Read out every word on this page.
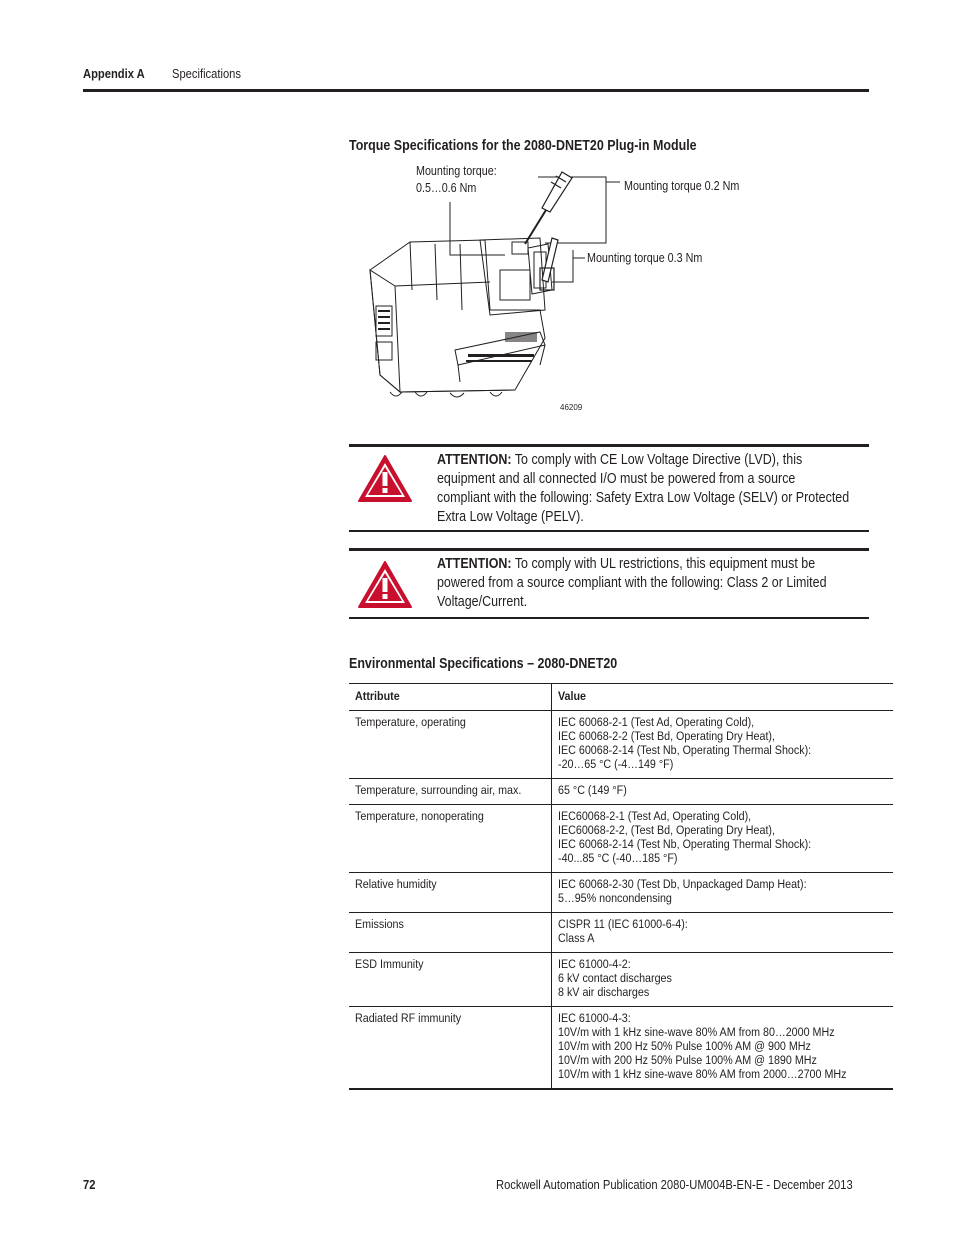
Appendix A Specifications
Torque Specifications for the 2080-DNET20 Plug-in Module
46209
Mounting torque:
0.5…0.6 Nm	Mounting torque 0.2 Nm
Mounting torque 0.3 Nm
ATTENTION: To comply with CE Low Voltage Directive (LVD), this equipment and all connected I/O must be powered from a source compliant with the following: Safety Extra Low Voltage (SELV) or Protected Extra Low Voltage (PELV).
ATTENTION: To comply with UL restrictions, this equipment must be powered from a source compliant with the following: Class 2 or Limited Voltage/Current.
Environmental Specifications – 2080-DNET20
Attribute	Value

Temperature, operating	IEC 60068-2-1 (Test Ad, Operating Cold),
IEC 60068-2-2 (Test Bd, Operating Dry Heat),
IEC 60068-2-14 (Test Nb, Operating Thermal Shock):
-20…65 °C (-4…149 °F)

Temperature, surrounding air, max.	65 °C (149 °F)

Temperature, nonoperating	IEC60068-2-1 (Test Ad, Operating Cold),
IEC60068-2-2, (Test Bd, Operating Dry Heat),
IEC 60068-2-14 (Test Nb, Operating Thermal Shock):
-40...85 °C (-40…185 °F)

Relative humidity	IEC 60068-2-30 (Test Db, Unpackaged Damp Heat):
5…95% noncondensing

Emissions	CISPR 11 (IEC 61000-6-4):
Class A

ESD Immunity	IEC 61000-4-2:
6 kV contact discharges
8 kV air discharges

Radiated RF immunity	IEC 61000-4-3:
10V/m with 1 kHz sine-wave 80% AM from 80…2000 MHz
10V/m with 200 Hz 50% Pulse 100% AM @ 900 MHz
10V/m with 200 Hz 50% Pulse 100% AM @ 1890 MHz
10V/m with 1 kHz sine-wave 80% AM from 2000…2700 MHz
72	Rockwell Automation Publication 2080-UM004B-EN-E - December 2013
